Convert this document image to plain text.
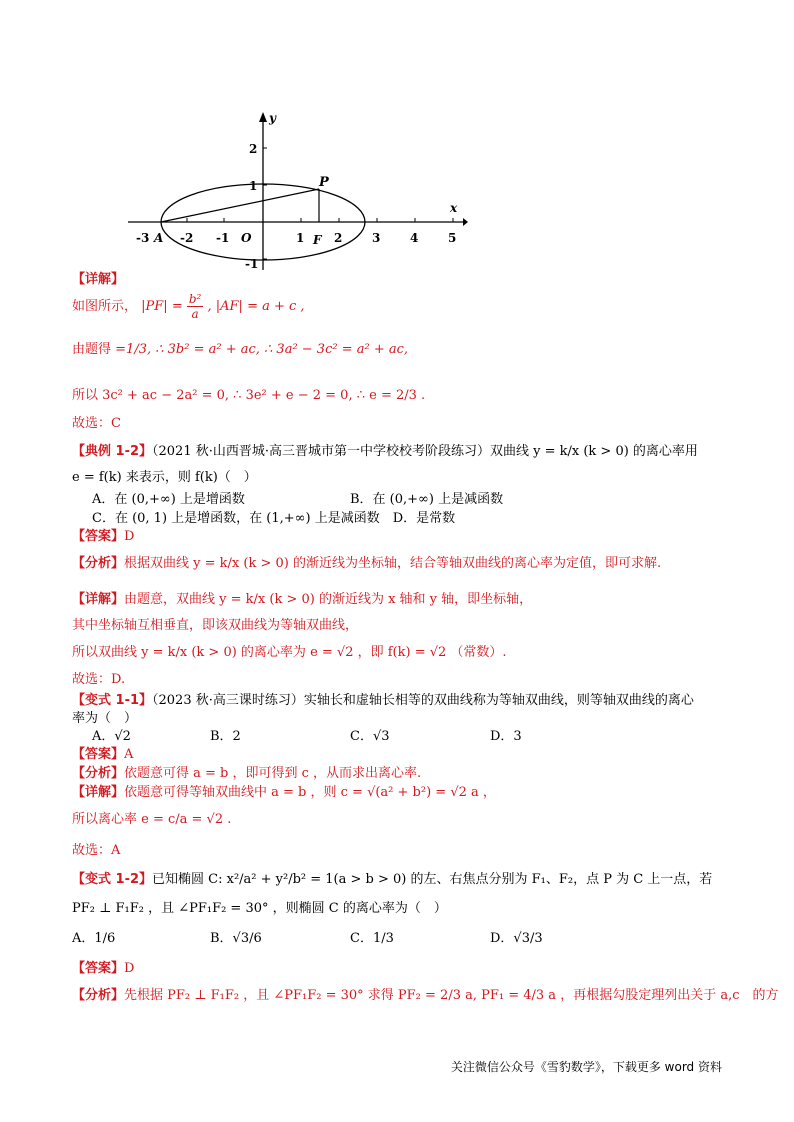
-3 A -2 -1 O	1 F 2 3 4 5
2
1
-1
P
x
y
【详解】
如图所示， $|PF| = \frac{\text{b²}}{a}$ , |AF| = a + c ,
由题得 =1/3, ∴ 3b² = a² + ac, ∴ 3a² − 3c² = a² + ac,
所以 3c² + ac − 2a² = 0, ∴ 3e² + e − 2 = 0, ∴ e = 2/3 .
故选：C
【典例 1-2】（2021 秋·山西晋城·高三晋城市第一中学校校考阶段练习）双曲线 y = k/x (k > 0) 的离心率用
e = f(k) 来表示，则 f(k)（　）
A．在 (0,+∞) 上是增函数	B．在 (0,+∞) 上是减函数
C．在 (0, 1) 上是增函数，在 (1,+∞) 上是减函数　D．是常数
【答案】D
【分析】根据双曲线 y = k/x (k > 0) 的渐近线为坐标轴，结合等轴双曲线的离心率为定值，即可求解.
【详解】由题意，双曲线 y = k/x (k > 0) 的渐近线为 x 轴和 y 轴，即坐标轴，
其中坐标轴互相垂直，即该双曲线为等轴双曲线，
所以双曲线 y = k/x (k > 0) 的离心率为 e = √2 ，即 f(k) = √2 （常数）.
故选：D.
【变式 1-1】（2023 秋·高三课时练习）实轴长和虚轴长相等的双曲线称为等轴双曲线，则等轴双曲线的离心
率为（　）
A．√2	B．2	C．√3	D．3
【答案】A
【分析】依题意可得 a = b ，即可得到 c ，从而求出离心率.
【详解】依题意可得等轴双曲线中 a = b ，则 c = √(a² + b²) = √2 a ，
所以离心率 e = c/a = √2 .
故选：A
【变式 1-2】已知椭圆 C: x²/a² + y²/b² = 1(a > b > 0) 的左、右焦点分别为 F₁、F₂，点 P 为 C 上一点，若
PF₂ ⊥ F₁F₂ ，且 ∠PF₁F₂ = 30° ，则椭圆 C 的离心率为（　）
A．1/6	B．√3/6	C．1/3	D．√3/3
【答案】D
【分析】先根据 PF₂ ⊥ F₁F₂ ，且 ∠PF₁F₂ = 30° 求得 PF₂ = 2/3 a, PF₁ = 4/3 a ，再根据勾股定理列出关于 a,c　的方
关注微信公众号《雪豹数学》，下载更多 word 资料
